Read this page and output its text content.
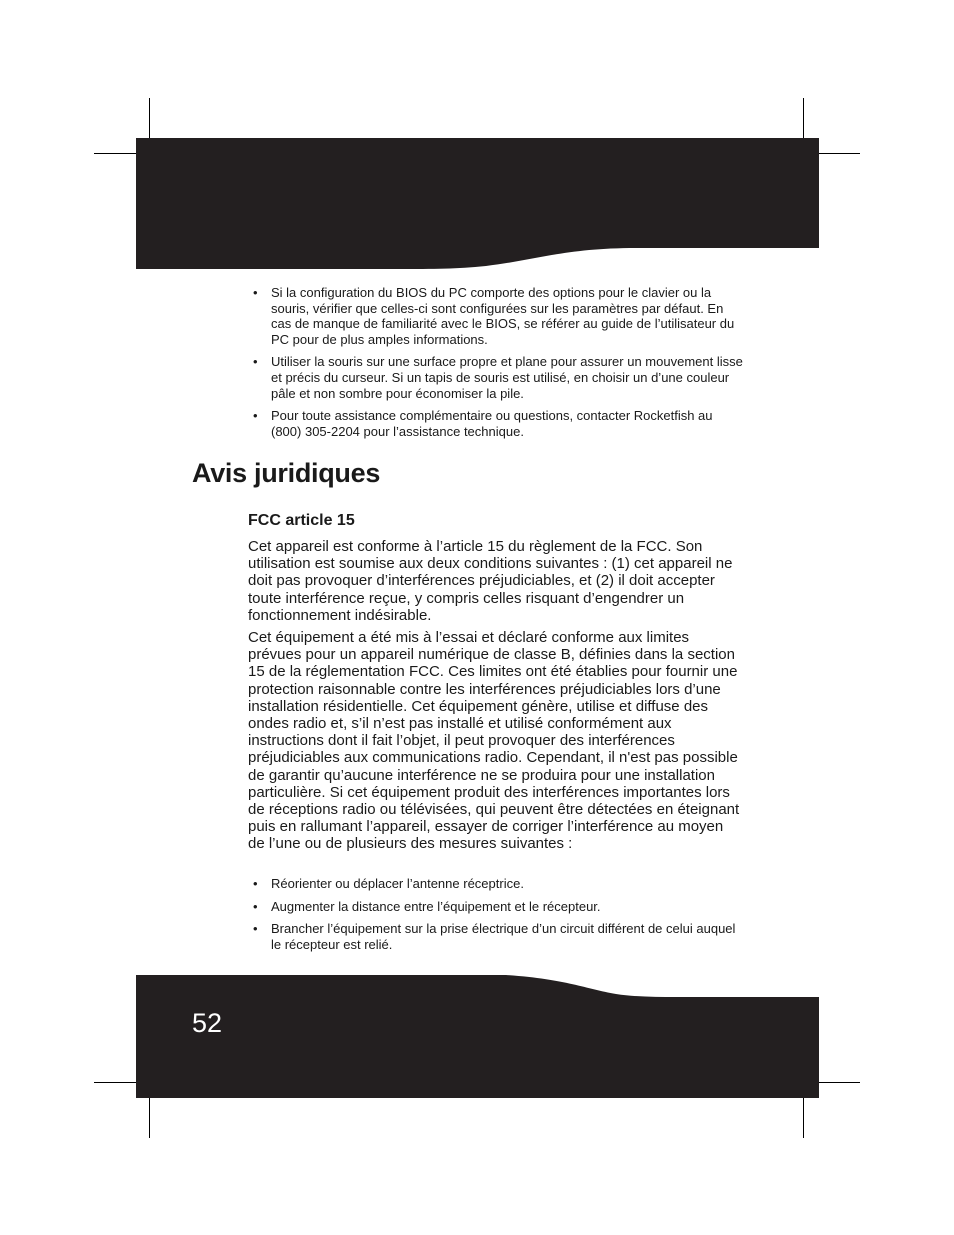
• Si la configuration du BIOS du PC comporte des options pour le clavier ou la souris, vérifier que celles-ci sont configurées sur les paramètres par défaut. En cas de manque de familiarité avec le BIOS, se référer au guide de l’utilisateur du PC pour de plus amples informations.
• Utiliser la souris sur une surface propre et plane pour assurer un mouvement lisse et précis du curseur. Si un tapis de souris est utilisé, en choisir un d’une couleur pâle et non sombre pour économiser la pile.
• Pour toute assistance complémentaire ou questions, contacter Rocketfish au (800) 305-2204 pour l’assistance technique.
Avis juridiques
FCC article 15

Cet appareil est conforme à l’article 15 du règlement de la FCC. Son utilisation est soumise aux deux conditions suivantes : (1) cet appareil ne doit pas provoquer d’interférences préjudiciables, et (2) il doit accepter toute interférence reçue, y compris celles risquant d’engendrer un fonctionnement indésirable.

Cet équipement a été mis à l’essai et déclaré conforme aux limites prévues pour un appareil numérique de classe B, définies dans la section 15 de la réglementation FCC. Ces limites ont été établies pour fournir une protection raisonnable contre les interférences préjudiciables lors d’une installation résidentielle. Cet équipement génère, utilise et diffuse des ondes radio et, s’il n’est pas installé et utilisé conformément aux instructions dont il fait l’objet, il peut provoquer des interférences préjudiciables aux communications radio. Cependant, il n'est pas possible de garantir qu’aucune interférence ne se produira pour une installation particulière. Si cet équipement produit des interférences importantes lors de réceptions radio ou télévisées, qui peuvent être détectées en éteignant puis en rallumant l’appareil, essayer de corriger l’interférence au moyen de l’une ou de plusieurs des mesures suivantes :

• Réorienter ou déplacer l’antenne réceptrice.
• Augmenter la distance entre l’équipement et le récepteur.
• Brancher l’équipement sur la prise électrique d’un circuit différent de celui auquel le récepteur est relié.
52
